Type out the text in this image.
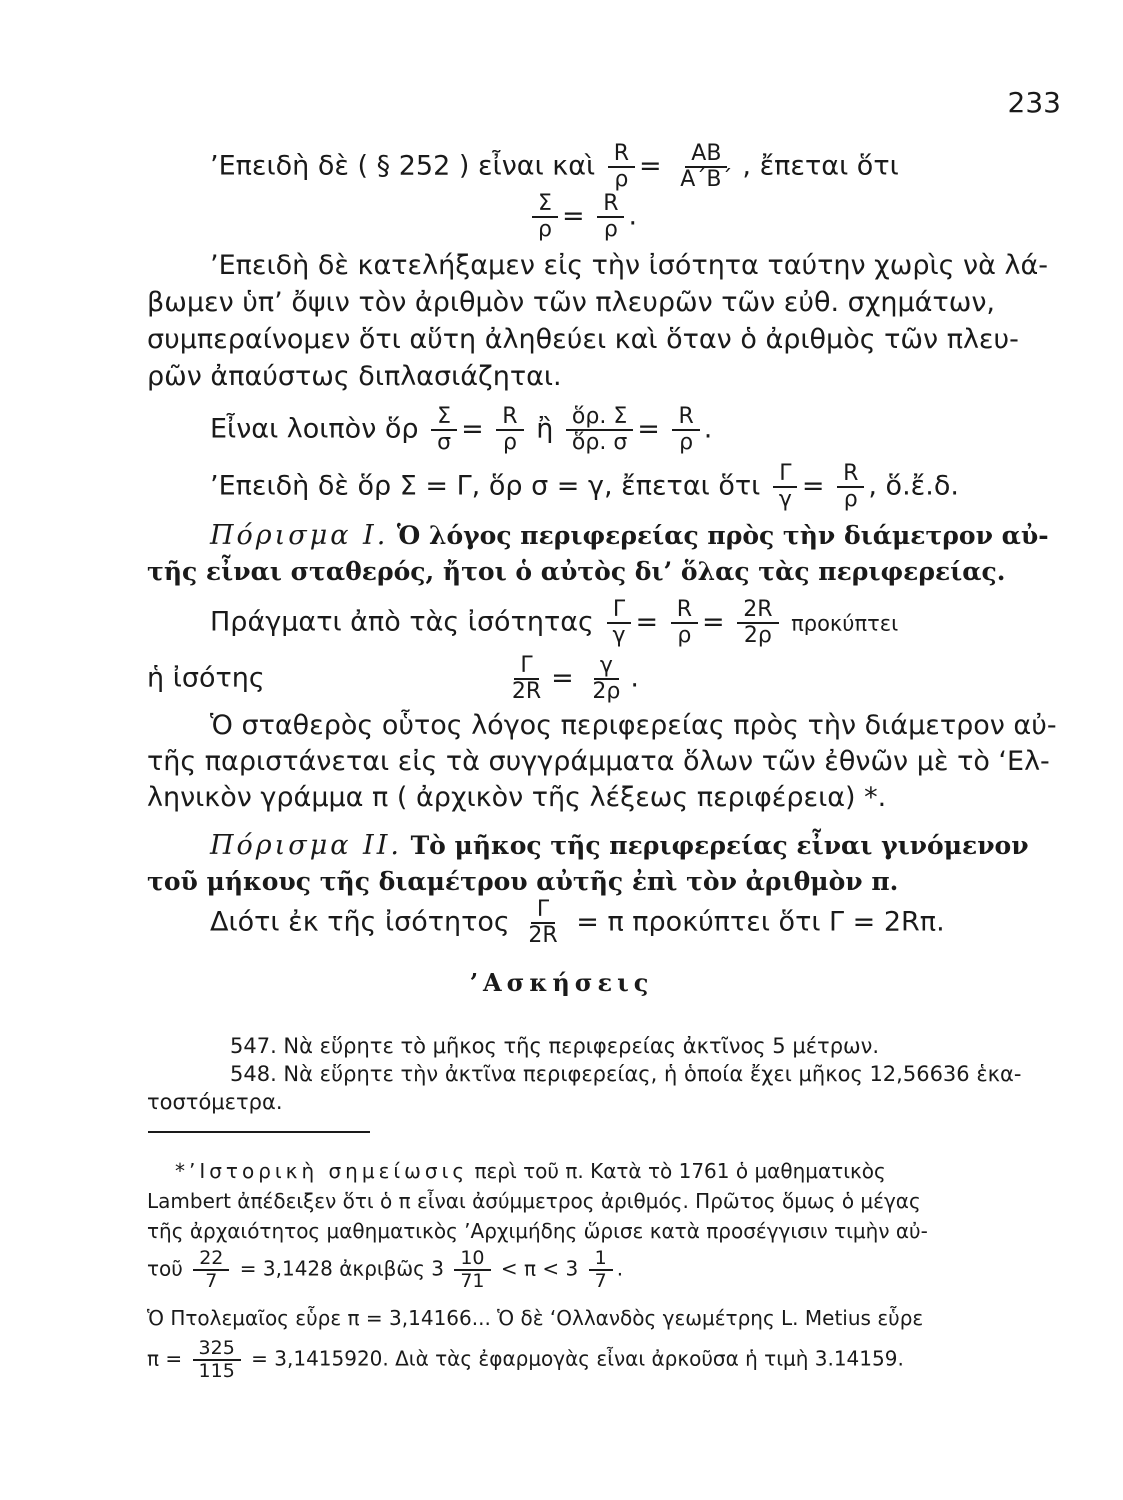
233
’Επειδὴ δὲ ( § 252 ) εἶναι καὶ $\frac{R}{\rho} = \frac{AB}{A΄B΄}$ , ἔπεται ὅτι
$\frac{\Sigma}{\rho} = \frac{R}{\rho}$ .
’Επειδὴ δὲ κατελήξαμεν εἰς τὴν ἰσότητα ταύτην χωρὶς νὰ λά-
βωμεν ὑπ’ ὄψιν τὸν ἀριθμὸν τῶν πλευρῶν τῶν εὐθ. σχημάτων,
συμπεραίνομεν ὅτι αὕτη ἀληθεύει καὶ ὅταν ὁ ἀριθμὸς τῶν πλευ-
ρῶν ἀπαύστως διπλασιάζηται.
Εἶναι λοιπὸν ὅρ $\frac{\Sigma}{\sigma} = \frac{R}{\rho}$ ἢ $\frac{\text{ὅρ. Σ}}{\text{ὅρ. σ}} = \frac{R}{\rho}$ .
’Επειδὴ δὲ ὅρ Σ = Γ, ὅρ σ = γ, ἔπεται ὅτι $\frac{\Gamma}{\gamma} = \frac{R}{\rho}$ , ὅ.ἔ.δ.
Πόρισμα Ι. Ὁ λόγος περιφερείας πρὸς τὴν διάμετρον αὐ-
τῆς εἶναι σταθερός, ἤτοι ὁ αὐτὸς δι’ ὅλας τὰς περιφερείας.
Πράγματι ἀπὸ τὰς ἰσότητας $\frac{\Gamma}{\gamma} = \frac{R}{\rho} = \frac{2R}{2\rho}$ προκύπτει
ἡ ἰσότης	$\frac{\Gamma}{2R} = \frac{\gamma}{2\rho}$ .
Ὁ σταθερὸς οὗτος λόγος περιφερείας πρὸς τὴν διάμετρον αὐ-
τῆς παριστάνεται εἰς τὰ συγγράμματα ὅλων τῶν ἐθνῶν μὲ τὸ ‘Ελ-
ληνικὸν γράμμα π ( ἀρχικὸν τῆς λέξεως περιφέρεια) *.
Πόρισμα ΙΙ. Τὸ μῆκος τῆς περιφερείας εἶναι γινόμενον
τοῦ μήκους τῆς διαμέτρου αὐτῆς ἐπὶ τὸν ἀριθμὸν π.
Διότι ἐκ τῆς ἰσότητος $\frac{\Gamma}{2R} = \pi$ προκύπτει ὅτι Γ = 2Rπ.
’Ασκήσεις
547. Νὰ εὕρητε τὸ μῆκος τῆς περιφερείας ἀκτῖνος 5 μέτρων.
548. Νὰ εὕρητε τὴν ἀκτῖνα περιφερείας, ἡ ὁποία ἔχει μῆκος 12,56636 ἑκα-
τοστόμετρα.
*’Ιστορικὴ σημείωσις περὶ τοῦ π. Κατὰ τὸ 1761 ὁ μαθηματικὸς
Lambert ἀπέδειξεν ὅτι ὁ π εἶναι ἀσύμμετρος ἀριθμός. Πρῶτος ὅμως ὁ μέγας
τῆς ἀρχαιότητος μαθηματικὸς ’Αρχιμήδης ὥρισε κατὰ προσέγγισιν τιμὴν αὐ-
τοῦ $\frac{22}{7} = 3,1428$ ἀκριβῶς $3 \frac{10}{71} < \pi < 3 \frac{1}{7}$ .
Ὁ Πτολεμαῖος εὗρε π = 3,14166... Ὁ δὲ ‘Ολλανδὸς γεωμέτρης L. Metius εὗρε
$\pi = \frac{325}{115} = 3,1415920$. Διὰ τὰς ἐφαρμογὰς εἶναι ἀρκοῦσα ἡ τιμὴ 3.14159.
